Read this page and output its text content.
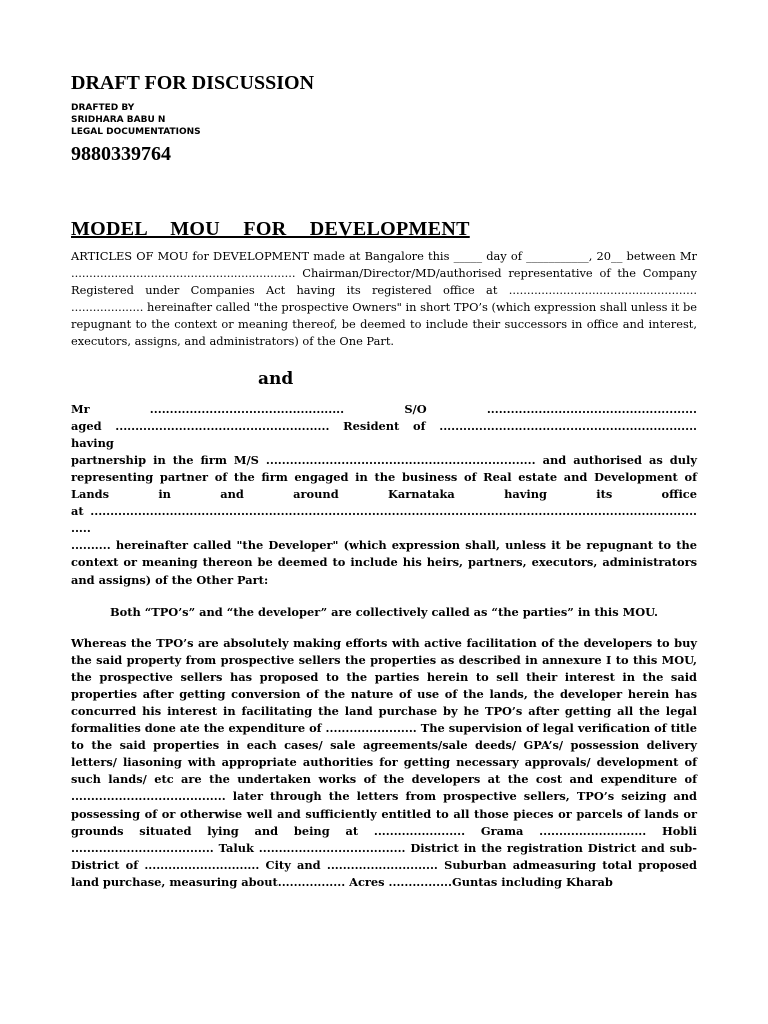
DRAFT FOR DISCUSSION

DRAFTED BY

SRIDHARA BABU N

LEGAL DOCUMENTATIONS

9880339764

MODEL MOU FOR DEVELOPMENT

ARTICLES OF MOU for DEVELOPMENT made at Bangalore this _____ day of ___________, 20__ between Mr .............................................................. Chairman/Director/MD/authorised representative of the Company Registered under Companies Act having its registered office at .................................................... .................... hereinafter called "the prospective Owners" in short TPO’s (which expression shall unless it be repugnant to the context or meaning thereof, be deemed to include their successors in office and interest, executors, assigns, and administrators) of the One Part.

and

Mr ................................................. S/O .....................................................
aged ...................................................... Resident of ................................................................. having
partnership in the firm M/S .................................................................... and authorised as duly
representing partner of the firm engaged in the business of Real estate and Development of
Lands in and around Karnataka having its office
at ......................................................................................................................................................... .....
.......... hereinafter called "the Developer" (which expression shall, unless it be repugnant to the context or meaning thereon be deemed to include his heirs, partners, executors, administrators and assigns) of the Other Part:

Both “TPO’s” and “the developer” are collectively called as “the parties” in this MOU.

Whereas the TPO’s are absolutely making efforts with active facilitation of the developers to buy the said property from prospective sellers the properties as described in annexure I to this MOU, the prospective sellers has proposed to the parties herein to sell their interest in the said properties after getting conversion of the nature of use of the lands, the developer herein has concurred his interest in facilitating the land purchase by he TPO’s after getting all the legal formalities done ate the expenditure of ....................... The supervision of legal verification of title to the said properties in each cases/ sale agreements/sale deeds/ GPA’s/ possession delivery letters/ liasoning with appropriate authorities for getting necessary approvals/ development of such lands/ etc are the undertaken works of the developers at the cost and expenditure of ....................................... later through the letters from prospective sellers, TPO’s seizing and possessing of or otherwise well and sufficiently entitled to all those pieces or parcels of lands or grounds situated lying and being at ....................... Grama ........................... Hobli .................................... Taluk ..................................... District in the registration District and sub-District of ............................. City and ............................ Suburban admeasuring total proposed land purchase, measuring about................. Acres ................Guntas including Kharab
